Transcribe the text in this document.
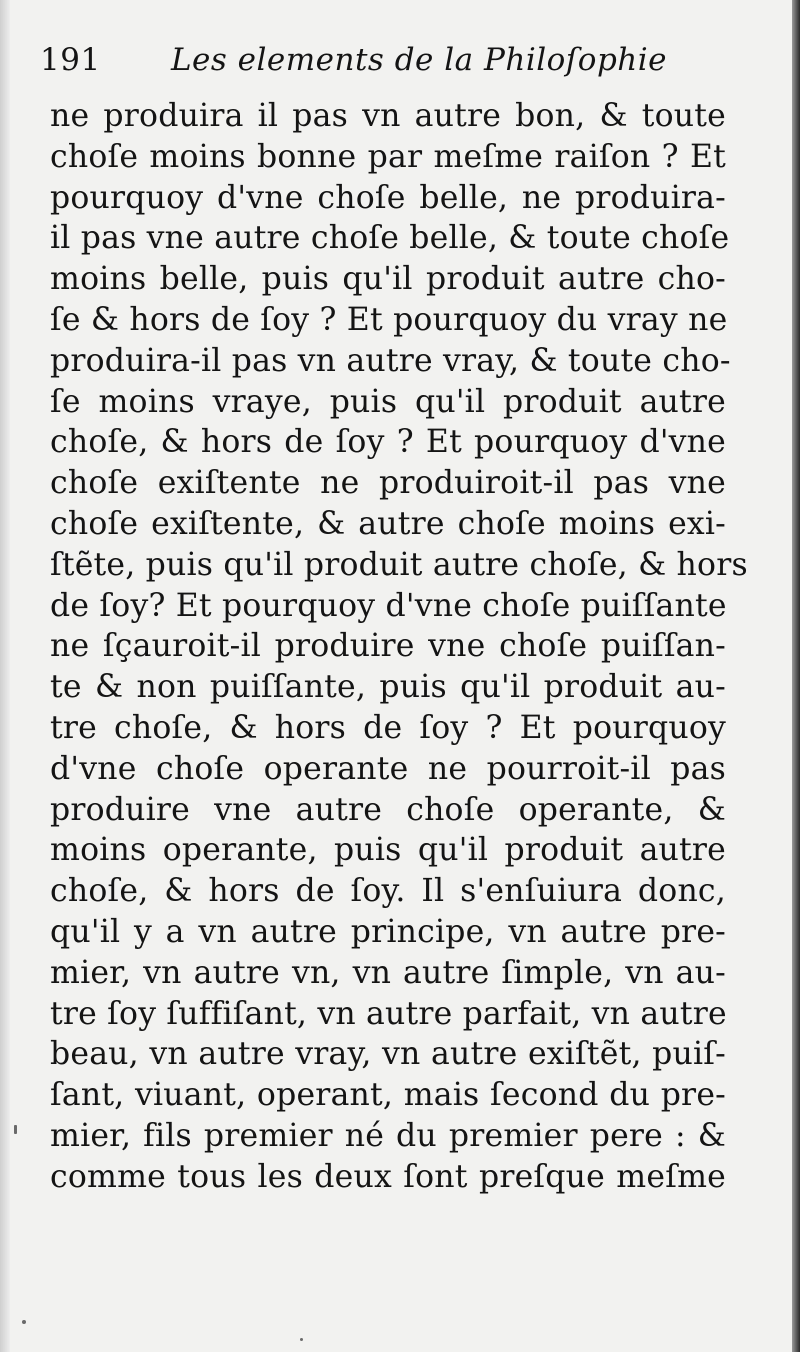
191	Les elements de la Philoſophie
ne produira il pas vn autre bon, & toute
choſe moins bonne par meſme raiſon ? Et
pourquoy d'vne choſe belle, ne produira-
il pas vne autre choſe belle, & toute choſe
moins belle, puis qu'il produit autre cho-
ſe & hors de ſoy ? Et pourquoy du vray ne
produira-il pas vn autre vray, & toute cho-
ſe moins vraye, puis qu'il produit autre
choſe, & hors de ſoy ? Et pourquoy d'vne
choſe exiſtente ne produiroit-il pas vne
choſe exiſtente, & autre choſe moins exi-
ſtẽte, puis qu'il produit autre choſe, & hors
de ſoy? Et pourquoy d'vne choſe puiſſante
ne ſçauroit-il produire vne choſe puiſſan-
te & non puiſſante, puis qu'il produit au-
tre choſe, & hors de ſoy ? Et pourquoy
d'vne choſe operante ne pourroit-il pas
produire vne autre choſe operante, &
moins operante, puis qu'il produit autre
choſe, & hors de ſoy. Il s'enſuiura donc,
qu'il y a vn autre principe, vn autre pre-
mier, vn autre vn, vn autre ſimple, vn au-
tre ſoy ſuffiſant, vn autre parfait, vn autre
beau, vn autre vray, vn autre exiſtẽt, puiſ-
ſant, viuant, operant, mais ſecond du pre-
mier, fils premier né du premier pere : &
comme tous les deux ſont preſque meſme
